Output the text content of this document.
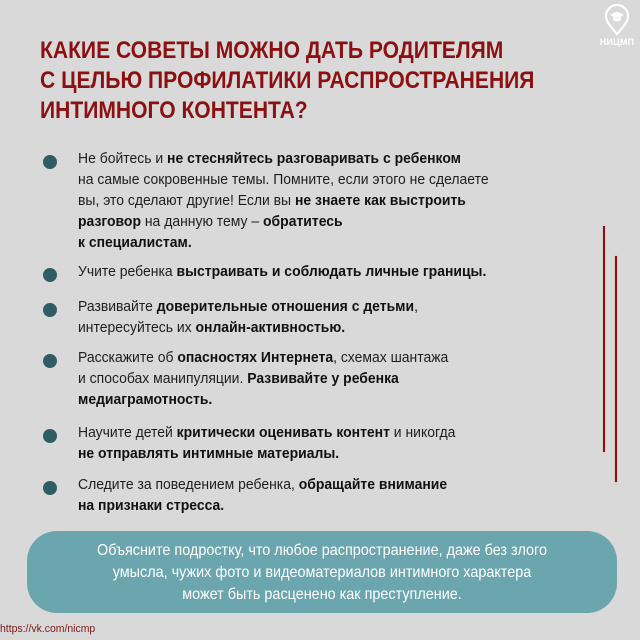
НИЦМП
КАКИЕ СОВЕТЫ МОЖНО ДАТЬ РОДИТЕЛЯМ
С ЦЕЛЬЮ ПРОФИЛАТИКИ РАСПРОСТРАНЕНИЯ
ИНТИМНОГО КОНТЕНТА?
Не бойтесь и не стесняйтесь разговаривать с ребенком
на самые сокровенные темы. Помните, если этого не сделаете
вы, это сделают другие! Если вы не знаете как выстроить
разговор на данную тему – обратитесь
к специалистам.
Учите ребенка выстраивать и соблюдать личные границы.
Развивайте доверительные отношения с детьми,
интересуйтесь их онлайн-активностью.
Расскажите об опасностях Интернета, схемах шантажа
и способах манипуляции. Развивайте у ребенка
медиаграмотность.
Научите детей критически оценивать контент и никогда
не отправлять интимные материалы.
Следите за поведением ребенка, обращайте внимание
на признаки стресса.
Объясните подростку, что любое распространение, даже без злого
умысла, чужих фото и видеоматериалов интимного характера
может быть расценено как преступление.
https://vk.com/nicmp
